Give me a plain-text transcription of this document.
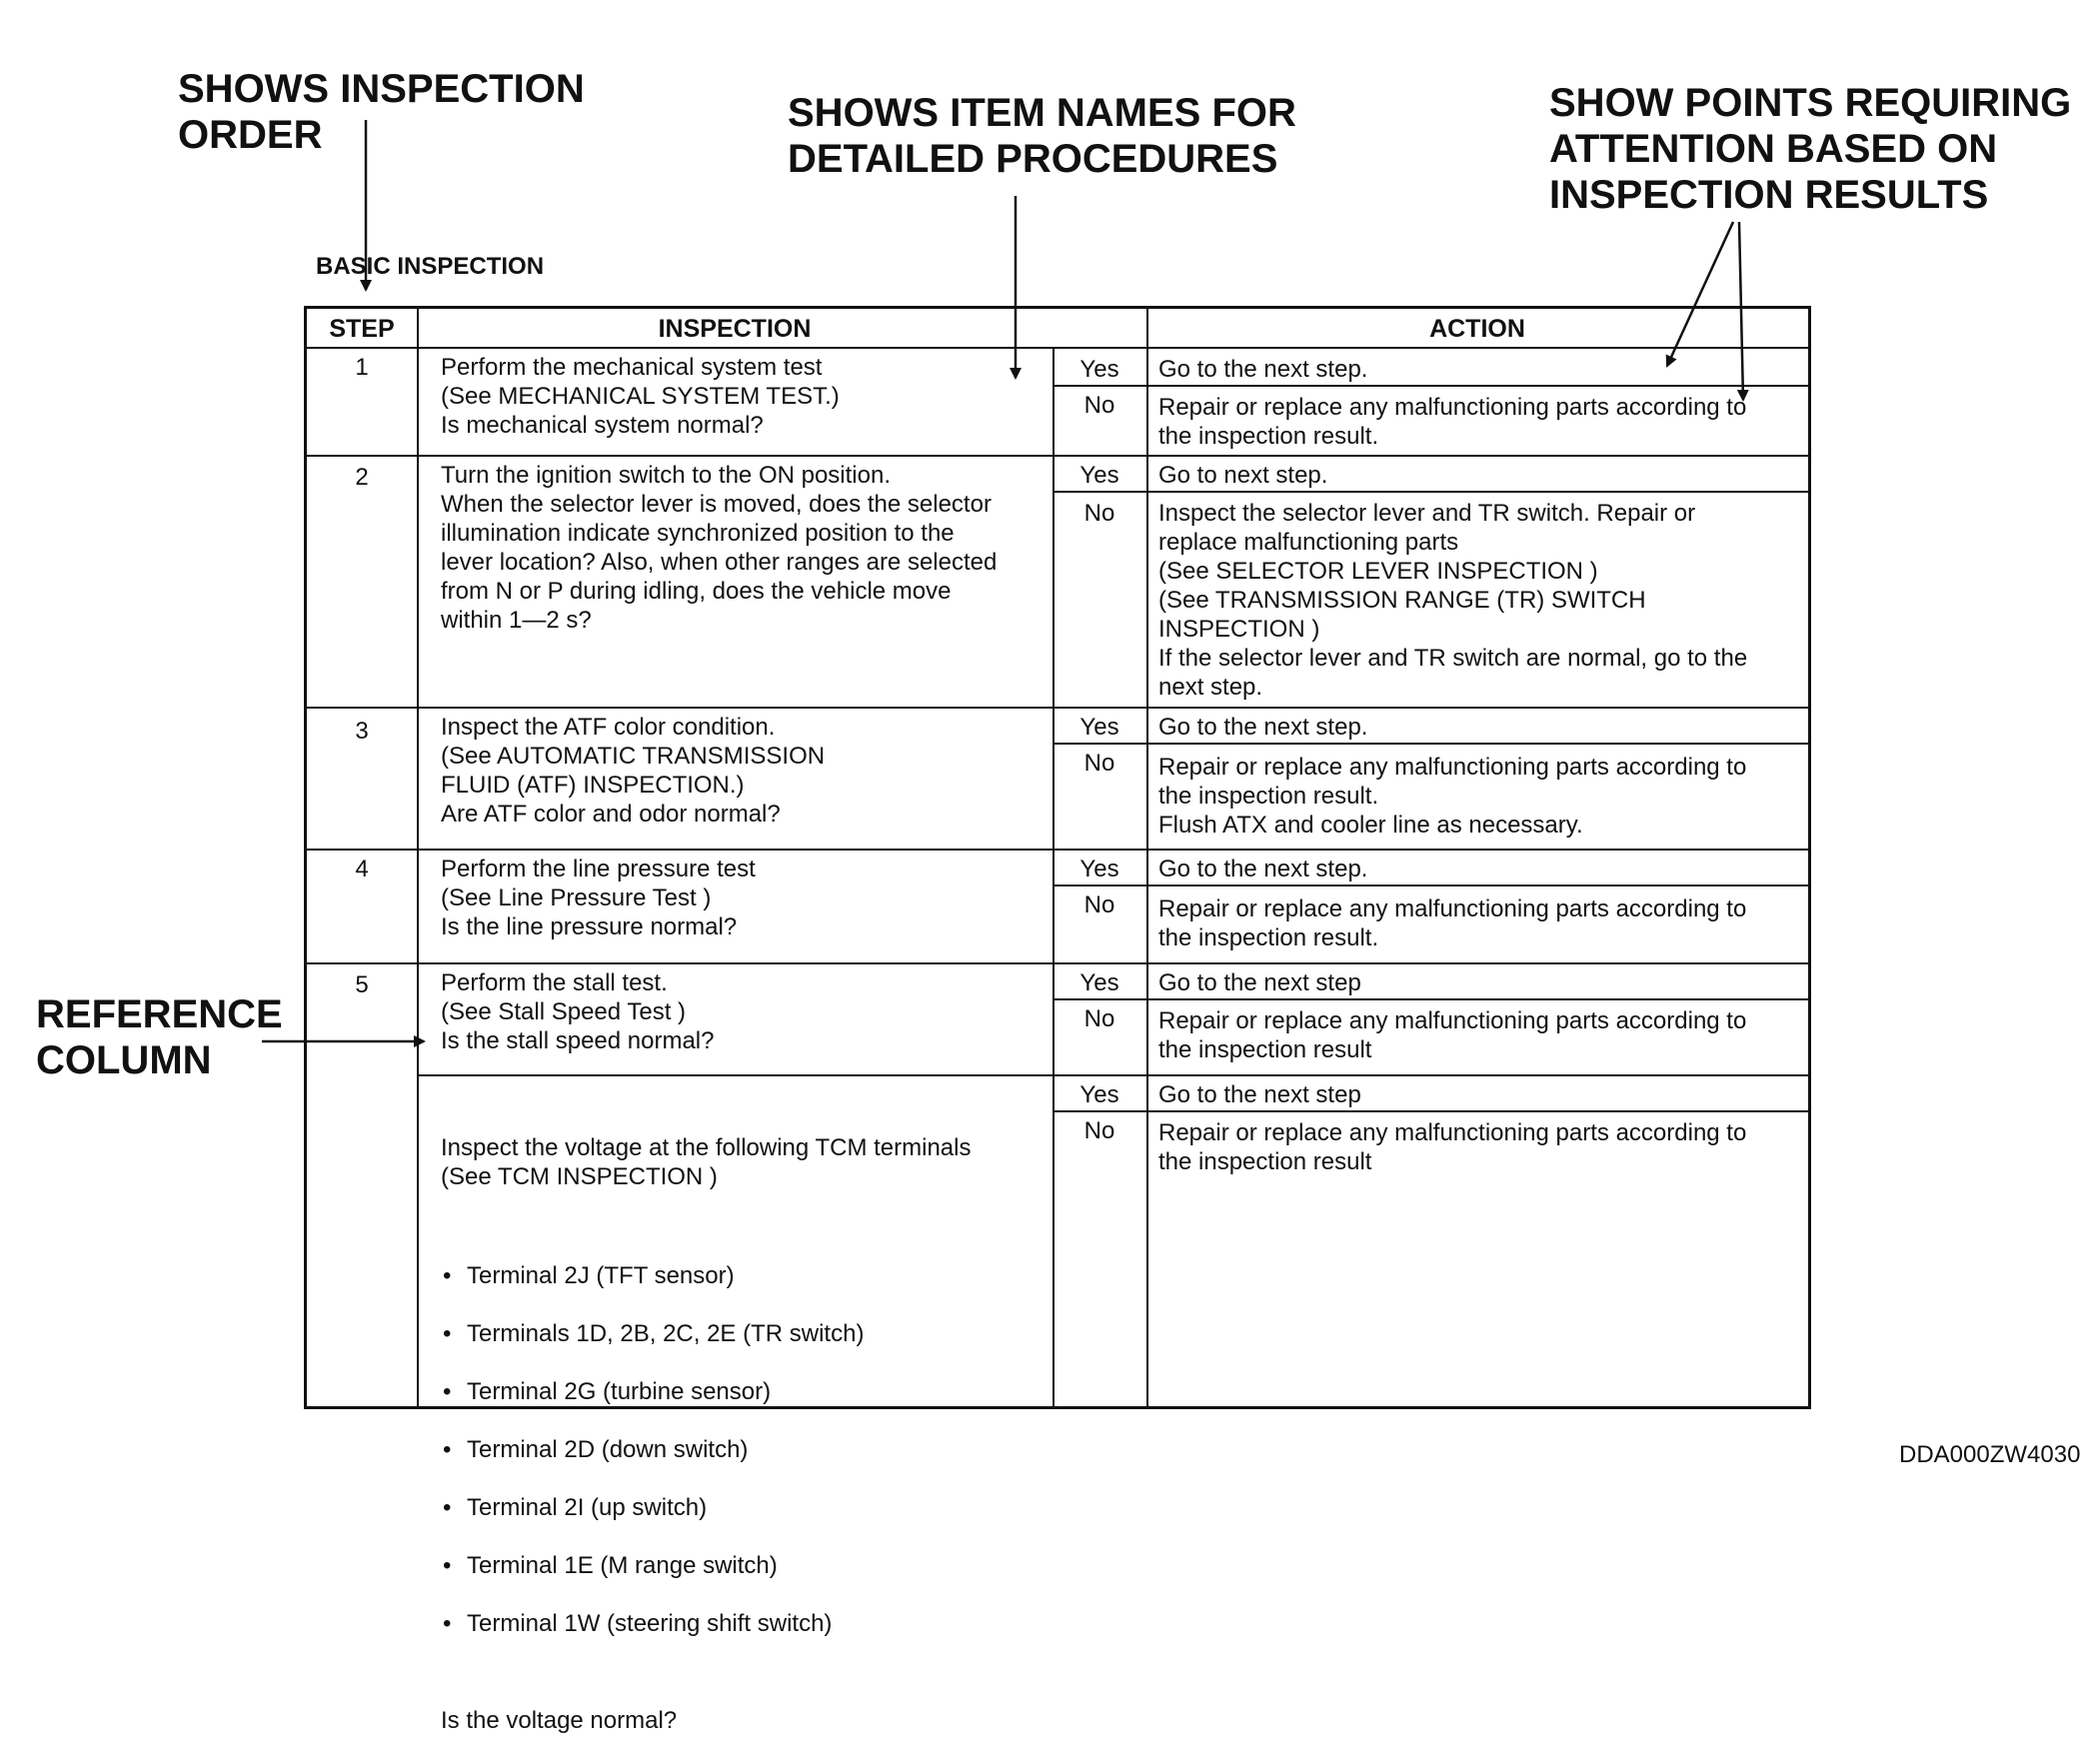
SHOWS INSPECTION
ORDER	SHOWS ITEM NAMES FOR
DETAILED PROCEDURES
SHOW POINTS REQUIRING
ATTENTION BASED ON
INSPECTION RESULTS
REFERENCE
COLUMN
BASIC INSPECTION
STEP	INSPECTION	ACTION
1	Perform the mechanical system test
(See MECHANICAL SYSTEM TEST.)
Is mechanical system normal?
Yes	Go to the next step.
No	Repair or replace any malfunctioning parts according to
the inspection result.
2	Turn the ignition switch to the ON position.
When the selector lever is moved, does the selector
illumination indicate synchronized position to the
lever location? Also, when other ranges are selected
from N or P during idling, does the vehicle move
within 1—2 s?
Yes	Go to next step.
No	Inspect the selector lever and TR switch. Repair or
replace malfunctioning parts
(See SELECTOR LEVER INSPECTION )
(See TRANSMISSION RANGE (TR) SWITCH
INSPECTION )
If the selector lever and TR switch are normal, go to the
next step.
3	Inspect the ATF color condition.
(See AUTOMATIC TRANSMISSION
FLUID (ATF) INSPECTION.)
Are ATF color and odor normal?
Yes	Go to the next step.
No	Repair or replace any malfunctioning parts according to
the inspection result.
Flush ATX and cooler line as necessary.
4	Perform the line pressure test
(See Line Pressure Test )
Is the line pressure normal?
Yes	Go to the next step.
No	Repair or replace any malfunctioning parts according to
the inspection result.
5	Perform the stall test.
(See Stall Speed Test )
Is the stall speed normal?
Yes	Go to the next step
No	Repair or replace any malfunctioning parts according to
the inspection result

Inspect the voltage at the following TCM terminals
(See TCM INSPECTION )

• Terminal 2J (TFT sensor)

• Terminals 1D, 2B, 2C, 2E (TR switch)

• Terminal 2G (turbine sensor)

• Terminal 2D (down switch)

• Terminal 2I (up switch)

• Terminal 1E (M range switch)

• Terminal 1W (steering shift switch)

Is the voltage normal?

Yes	Go to the next step
No	Repair or replace any malfunctioning parts according to
the inspection result
DDA000ZW4030
